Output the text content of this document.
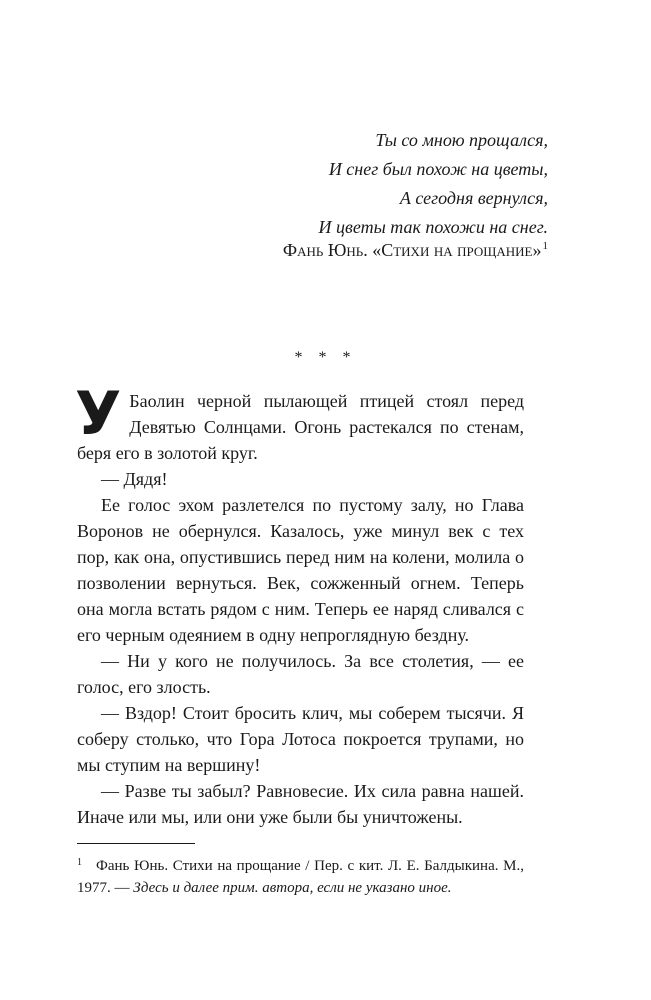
Ты со мною прощался,
И снег был похож на цветы,
А сегодня вернулся,
И цветы так похожи на снег.
Фань Юнь. «Стихи на прощание»$^1$
* * *

У Баолин черной пылающей птицей стоял перед Девятью Солнцами. Огонь растекался по стенам, беря его в золотой круг.

— Дядя!

Ее голос эхом разлетелся по пустому залу, но Глава Воронов не обернулся. Казалось, уже минул век с тех пор, как она, опустившись перед ним на колени, молила о позволении вернуться. Век, сожженный огнем. Теперь она могла встать рядом с ним. Теперь ее наряд сливался с его черным одеянием в одну непроглядную бездну.

— Ни у кого не получилось. За все столетия, — ее голос, его злость.

— Вздор! Стоит бросить клич, мы соберем тысячи. Я соберу столько, что Гора Лотоса покроется трупами, но мы ступим на вершину!

— Разве ты забыл? Равновесие. Их сила равна нашей. Иначе или мы, или они уже были бы уничтожены.

$^1$ Фань Юнь. Стихи на прощание / Пер. с кит. Л. Е. Балдыкина. М., 1977. — Здесь и далее прим. автора, если не указано иное.
